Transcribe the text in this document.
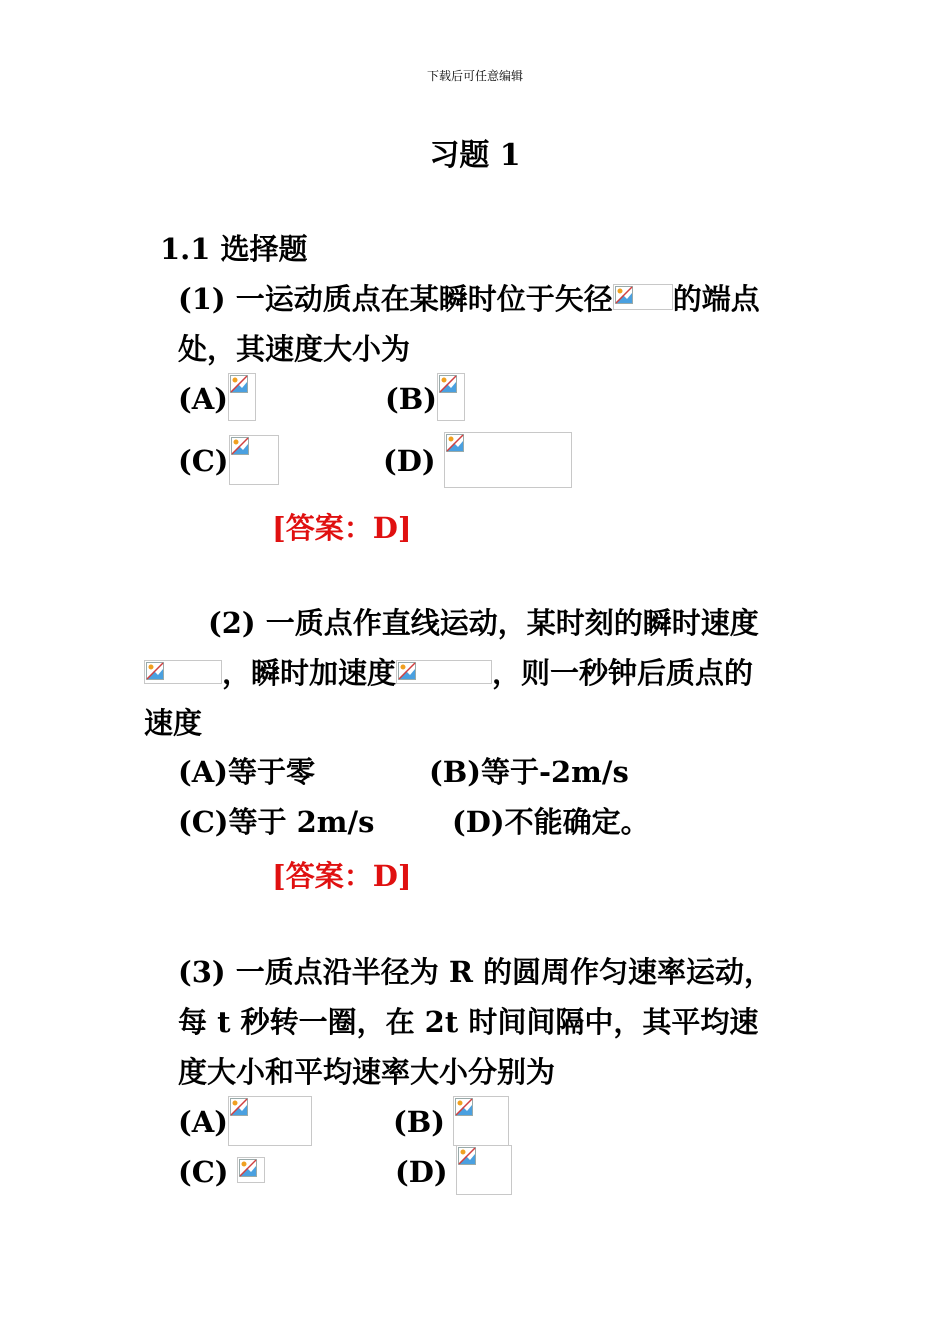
下载后可任意编辑
习题 1
1.1 选择题
(1) 一运动质点在某瞬时位于矢径 的端点
处，其速度大小为
(A)	(B)
(C)	(D)
[答案：D]
(2) 一质点作直线运动，某时刻的瞬时速度
，瞬时加速度	，则一秒钟后质点的
速度
(A)等于零	(B)等于-2m/s
(C)等于 2m/s	(D)不能确定。
[答案：D]
(3) 一质点沿半径为 R 的圆周作匀速率运动，
每 t 秒转一圈，在 2t 时间间隔中，其平均速
度大小和平均速率大小分别为
(A)	(B)
(C)	(D)
